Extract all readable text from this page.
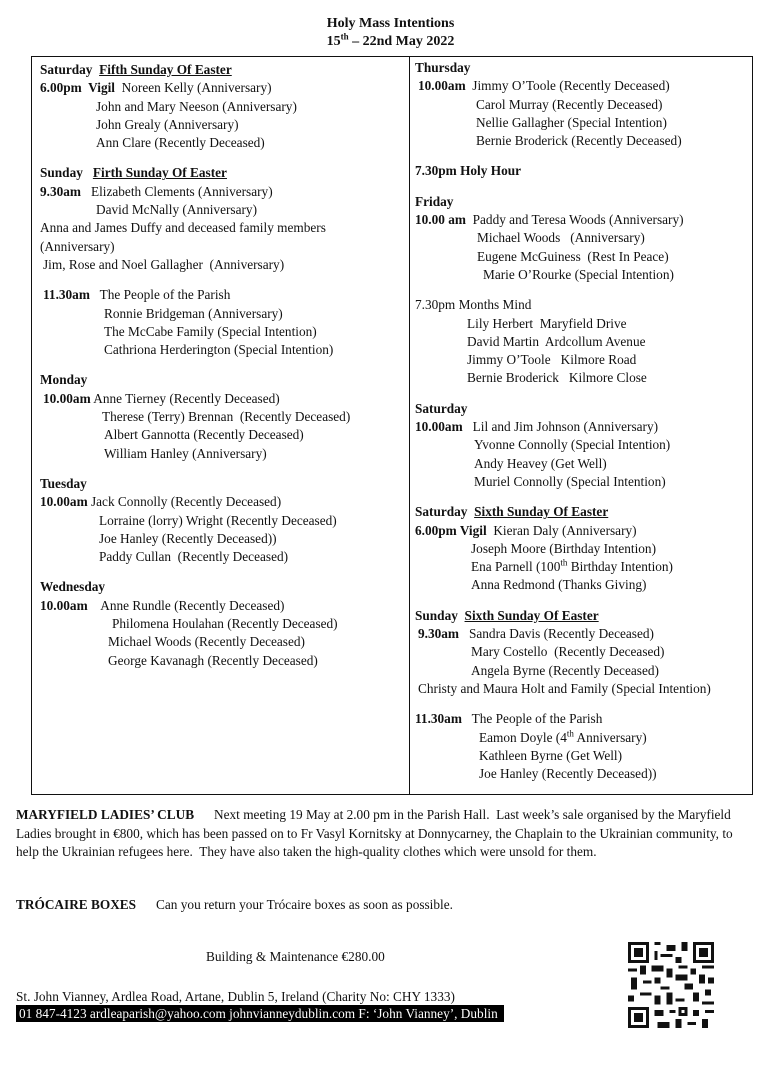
Holy Mass Intentions
15th – 22nd May 2022
Saturday Fifth Sunday Of Easter
6.00pm  Vigil  Noreen Kelly (Anniversary)
John and Mary Neeson (Anniversary)
John Grealy (Anniversary)
Ann Clare (Recently Deceased)
Sunday Firth Sunday Of Easter
9.30am   Elizabeth Clements (Anniversary)
David McNally (Anniversary)
Anna and James Duffy and deceased family members (Anniversary)
Jim, Rose and Noel Gallagher  (Anniversary)
11.30am   The People of the Parish
Ronnie Bridgeman (Anniversary)
The McCabe Family (Special Intention)
Cathriona Herderington (Special Intention)
Monday
10.00am Anne Tierney (Recently Deceased)
Therese (Terry) Brennan  (Recently Deceased)
Albert Gannotta (Recently Deceased)
William Hanley (Anniversary)
Tuesday
10.00am Jack Connolly (Recently Deceased)
Lorraine (lorry) Wright (Recently Deceased)
Joe Hanley (Recently Deceased))
Paddy Cullan  (Recently Deceased)
Wednesday
10.00am    Anne Rundle (Recently Deceased)
Philomena Houlahan (Recently Deceased)
Michael Woods (Recently Deceased)
George Kavanagh (Recently Deceased)
Thursday
10.00am  Jimmy O’Toole (Recently Deceased)
Carol Murray (Recently Deceased)
Nellie Gallagher (Special Intention)
Bernie Broderick (Recently Deceased)
7.30pm Holy Hour
Friday
10.00 am  Paddy and Teresa Woods (Anniversary)
Michael Woods   (Anniversary)
Eugene McGuiness  (Rest In Peace)
Marie O’Rourke (Special Intention)
7.30pm Months Mind
Lily Herbert  Maryfield Drive
David Martin  Ardcollum Avenue
Jimmy O’Toole   Kilmore Road
Bernie Broderick   Kilmore Close
Saturday
10.00am   Lil and Jim Johnson (Anniversary)
Yvonne Connolly (Special Intention)
Andy Heavey (Get Well)
Muriel Connolly (Special Intention)
Saturday Sixth Sunday Of Easter
6.00pm Vigil  Kieran Daly (Anniversary)
Joseph Moore (Birthday Intention)
Ena Parnell (100th Birthday Intention)
Anna Redmond (Thanks Giving)
Sunday Sixth Sunday Of Easter
9.30am   Sandra Davis (Recently Deceased)
Mary Costello  (Recently Deceased)
Angela Byrne (Recently Deceased)
Christy and Maura Holt and Family (Special Intention)
11.30am   The People of the Parish
Eamon Doyle (4th Anniversary)
Kathleen Byrne (Get Well)
Joe Hanley (Recently Deceased))
MARYFIELD LADIES’ CLUB      Next meeting 19 May at 2.00 pm in the Parish Hall.  Last week’s sale organised by the Maryfield Ladies brought in €800, which has been passed on to Fr Vasyl Kornitsky at Donnycarney, the Chaplain to the Ukrainian community, to help the Ukrainian refugees here.  They have also taken the high-quality clothes which were unsold for them.
TRÓCAIRE BOXES      Can you return your Trócaire boxes as soon as possible.
Building & Maintenance €280.00
St. John Vianney, Ardlea Road, Artane, Dublin 5, Ireland (Charity No: CHY 1333)
01 847-4123 ardleaparish@yahoo.com johnvianneydublin.com F: ‘John Vianney’, Dublin
